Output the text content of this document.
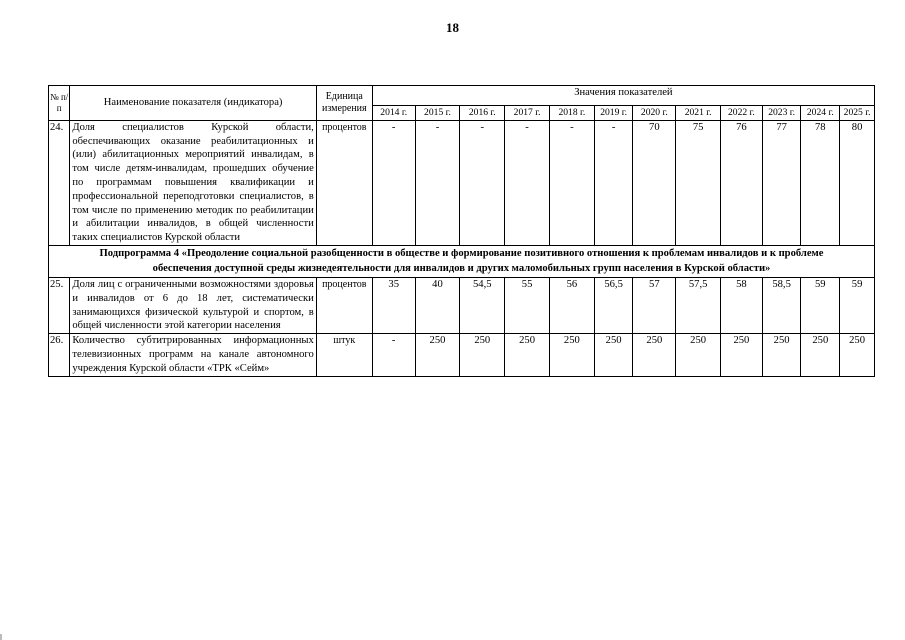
18
№ п/п	Наименование показателя (индикатора)	Единица измерения	Значения показателей											
			2014 г.	2015 г.	2016 г.	2017 г.	2018 г.	2019 г.	2020 г.	2021 г.	2022 г.	2023 г.	2024 г.	2025 г.
24.	Доля специалистов Курской области, обеспечивающих оказание реабилитационных и (или) абилитационных мероприятий инвалидам, в том числе детям-инвалидам, прошедших обучение по программам повышения квалификации и профессиональной переподготовки специалистов, в том числе по применению методик по реабилитации и абилитации инвалидов, в общей численности таких специалистов Курской области	процентов	-	-	-	-	-	-	70	75	76	77	78	80
Подпрограмма 4 «Преодоление социальной разобщенности в обществе и формирование позитивного отношения к проблемам инвалидов и к проблеме обеспечения доступной среды жизнедеятельности для инвалидов и других маломобильных групп населения в Курской области»														
25.	Доля лиц с ограниченными возможностями здоровья и инвалидов от 6 до 18 лет, систематически занимающихся физической культурой и спортом, в общей численности этой категории населения	процентов	35	40	54,5	55	56	56,5	57	57,5	58	58,5	59	59
26.	Количество субтитрированных информационных телевизионных программ на канале автономного учреждения Курской области «ТРК «Сейм»	штук	-	250	250	250	250	250	250	250	250	250	250	250
